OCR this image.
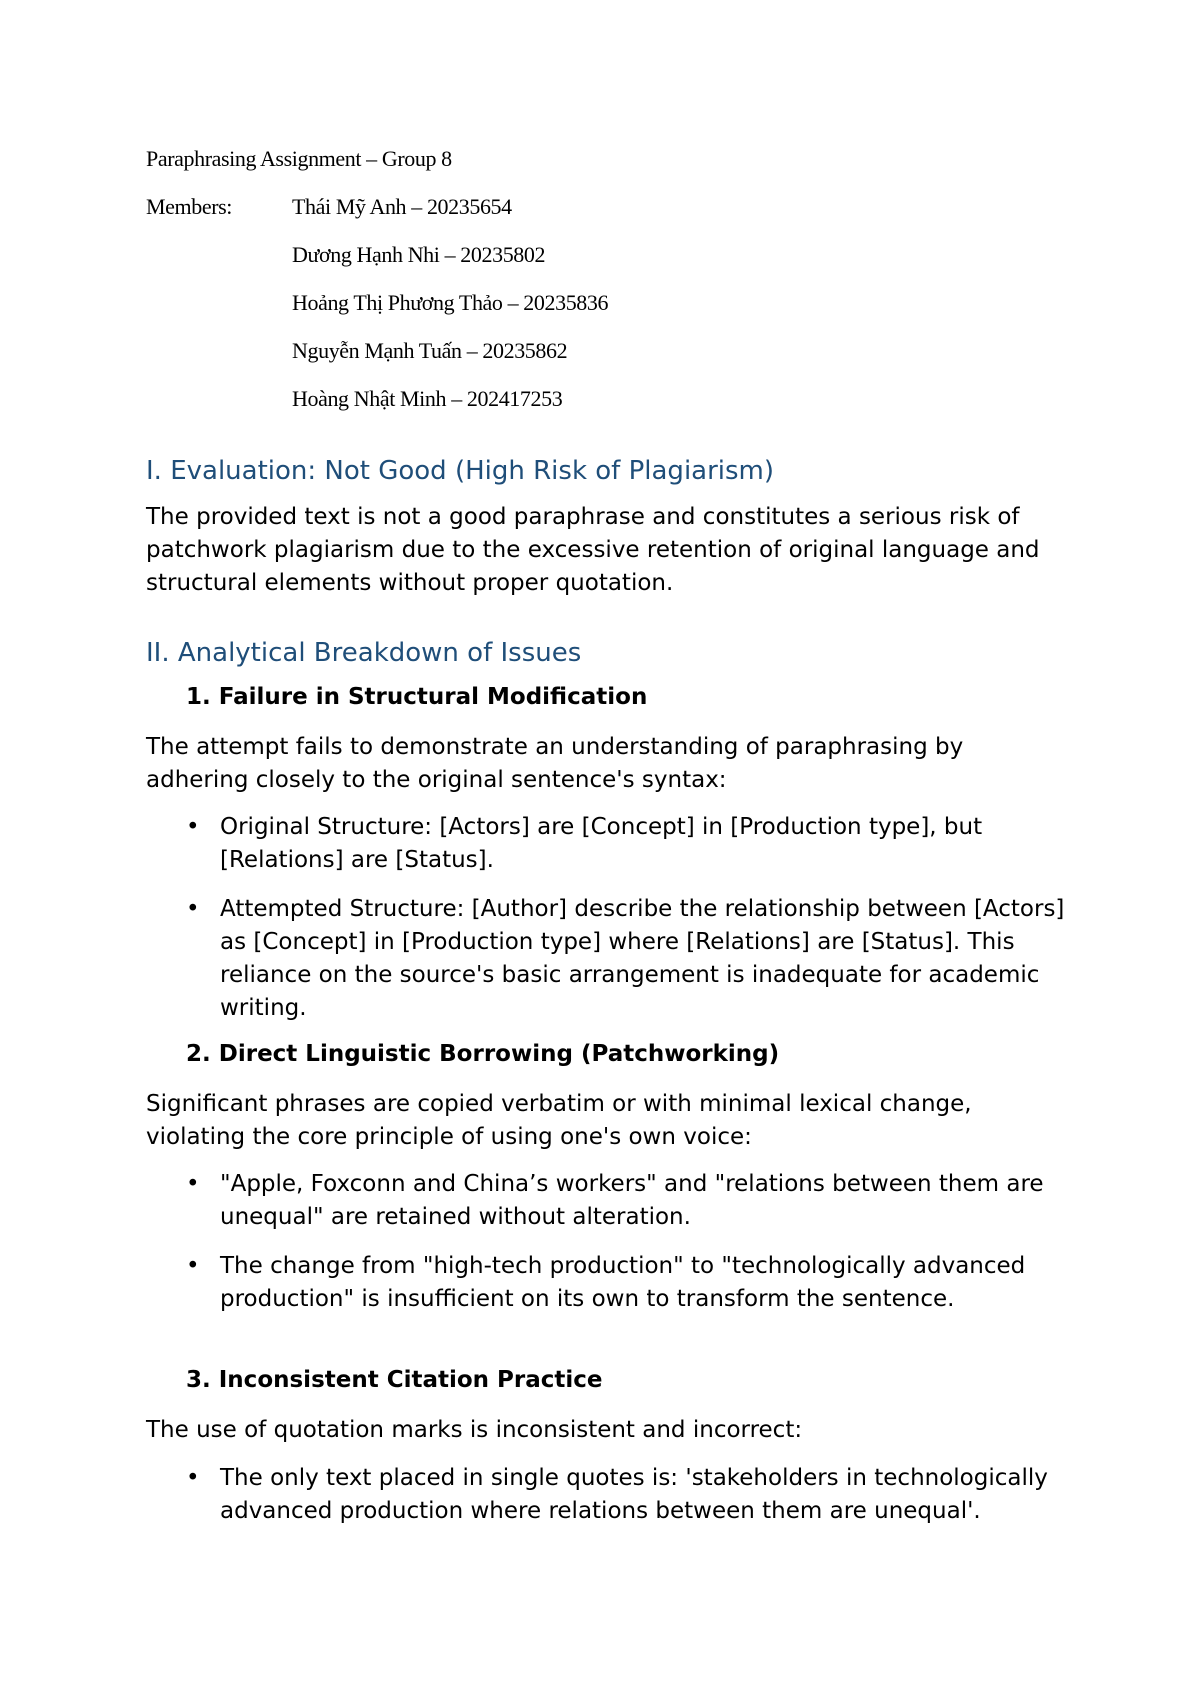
Paraphrasing Assignment – Group 8
Members:	Thái Mỹ Anh – 20235654
Dương Hạnh Nhi – 20235802
Hoảng Thị Phương Thảo – 20235836
Nguyễn Mạnh Tuấn – 20235862
Hoàng Nhật Minh – 202417253
I. Evaluation: Not Good (High Risk of Plagiarism)

The provided text is not a good paraphrase and constitutes a serious risk of patchwork plagiarism due to the excessive retention of original language and structural elements without proper quotation.

II. Analytical Breakdown of Issues
1. Failure in Structural Modification

The attempt fails to demonstrate an understanding of paraphrasing by adhering closely to the original sentence's syntax:

• Original Structure: [Actors] are [Concept] in [Production type], but [Relations] are [Status].
• Attempted Structure: [Author] describe the relationship between [Actors] as [Concept] in [Production type] where [Relations] are [Status]. This reliance on the source's basic arrangement is inadequate for academic writing.
2. Direct Linguistic Borrowing (Patchworking)

Significant phrases are copied verbatim or with minimal lexical change, violating the core principle of using one's own voice:

• "Apple, Foxconn and China’s workers" and "relations between them are unequal" are retained without alteration.
• The change from "high-tech production" to "technologically advanced production" is insufficient on its own to transform the sentence.
3. Inconsistent Citation Practice

The use of quotation marks is inconsistent and incorrect:

• The only text placed in single quotes is: 'stakeholders in technologically advanced production where relations between them are unequal'.
